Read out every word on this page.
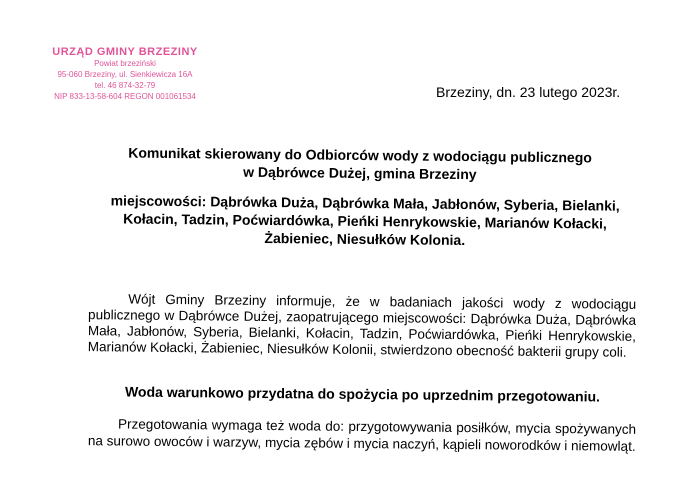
URZĄD GMINY BRZEZINY
Powiat brzeziński
95-060 Brzeziny, ul. Sienkiewicza 16A
tel. 46 874-32-79
NIP 833-13-58-604 REGON 001061534	Brzeziny, dn. 23 lutego 2023r.
Komunikat skierowany do Odbiorców wody z wodociągu publicznego
w Dąbrówce Dużej, gmina Brzeziny
miejscowości: Dąbrówka Duża, Dąbrówka Mała, Jabłonów, Syberia, Bielanki, Kołacin, Tadzin, Poćwiardówka, Pieńki Henrykowskie, Marianów Kołacki, Żabieniec, Niesułków Kolonia.
Wójt Gminy Brzeziny informuje, że w badaniach jakości wody z wodociągu publicznego w Dąbrówce Dużej, zaopatrującego miejscowości: Dąbrówka Duża, Dąbrówka Mała, Jabłonów, Syberia, Bielanki, Kołacin, Tadzin, Poćwiardówka, Pieńki Henrykowskie, Marianów Kołacki, Żabieniec, Niesułków Kolonii, stwierdzono obecność bakterii grupy coli.
Woda warunkowo przydatna do spożycia po uprzednim przegotowaniu.
Przegotowania wymaga też woda do: przygotowywania posiłków, mycia spożywanych na surowo owoców i warzyw, mycia zębów i mycia naczyń, kąpieli noworodków i niemowląt.
